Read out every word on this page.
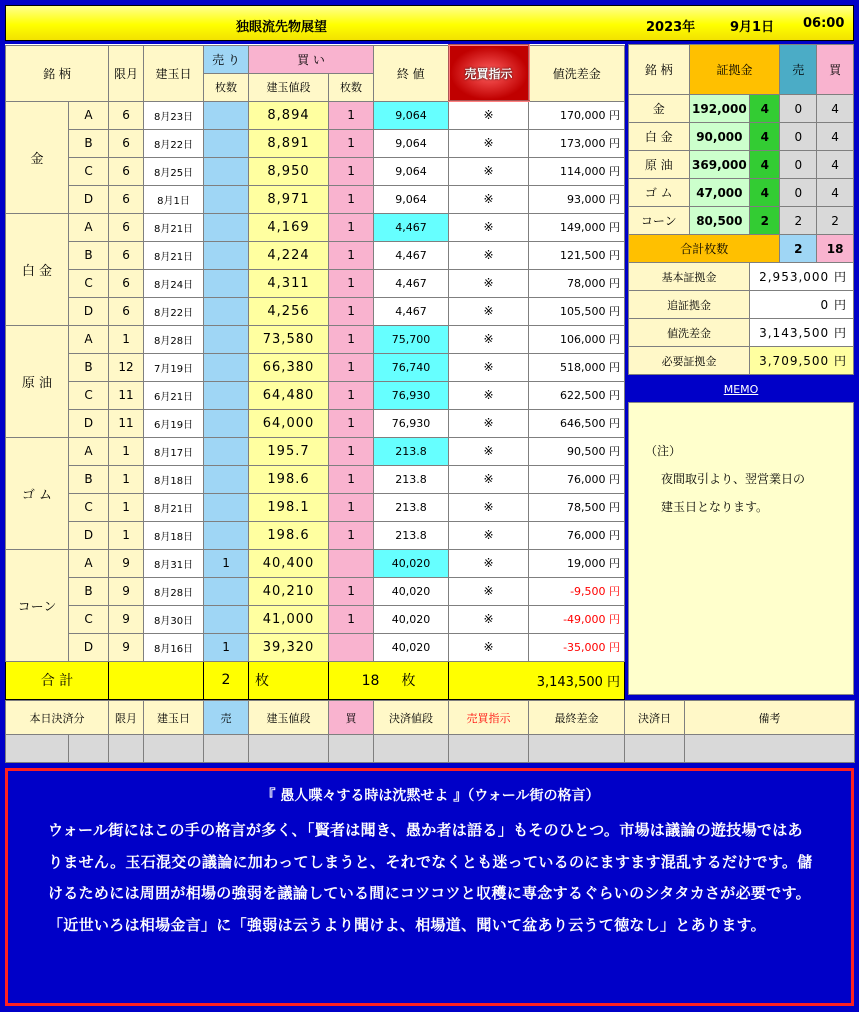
独眼流先物展望	2023年	9月1日 06:00
銘 柄		限月	建玉日	売 り	買 い		終 値	売買指示	値洗差金
				枚数	建玉値段	枚数			
金	A	6	8月23日		8,894	1	9,064	※	170,000 円
	B	6	8月22日		8,891	1	9,064	※	173,000 円
	C	6	8月25日		8,950	1	9,064	※	114,000 円
	D	6	8月1日		8,971	1	9,064	※	93,000 円
白 金	A	6	8月21日		4,169	1	4,467	※	149,000 円
	B	6	8月21日		4,224	1	4,467	※	121,500 円
	C	6	8月24日		4,311	1	4,467	※	78,000 円
	D	6	8月22日		4,256	1	4,467	※	105,500 円
原 油	A	1	8月28日		73,580	1	75,700	※	106,000 円
	B	12	7月19日		66,380	1	76,740	※	518,000 円
	C	11	6月21日		64,480	1	76,930	※	622,500 円
	D	11	6月19日		64,000	1	76,930	※	646,500 円
ゴ ム	A	1	8月17日		195.7	1	213.8	※	90,500 円
	B	1	8月18日		198.6	1	213.8	※	76,000 円
	C	1	8月21日		198.1	1	213.8	※	78,500 円
	D	1	8月18日		198.6	1	213.8	※	76,000 円
コーン	A	9	8月31日	1	40,400		40,020	※	19,000 円
	B	9	8月28日		40,210	1	40,020	※	-9,500 円
	C	9	8月30日		41,000	1	40,020	※	-49,000 円
	D	9	8月16日	1	39,320		40,020	※	-35,000 円
合 計				2	枚	18 枚		3,143,500 円	
銘 柄	証拠金		売	買
金	192,000	4	0	4
白 金	90,000	4	0	4
原 油	369,000	4	0	4
ゴ ム	47,000	4	0	4
コーン	80,500	2	2	2
合計枚数			2	18
基本証拠金		2,953,000 円		
追証拠金		0 円		
値洗差金		3,143,500 円		
必要証拠金		3,709,500 円		
MEMO
（注）
夜間取引より、翌営業日の
建玉日となります。
本日決済分		限月	建玉日	売	建玉値段	買	決済値段	売買指示	最終差金	決済日	備考

『 愚人喋々する時は沈黙せよ 』（ウォール街の格言）
ウォール街にはこの手の格言が多く、「賢者は聞き、愚か者は語る」もそのひとつ。市場は議論の遊技場ではありません。玉石混交の議論に加わってしまうと、それでなくとも迷っているのにますます混乱するだけです。儲けるためには周囲が相場の強弱を議論している間にコツコツと収穫に専念するぐらいのシタタカさが必要です。「近世いろは相場金言」に「強弱は云うより聞けよ、相場道、聞いて盆あり云うて徳なし」とあります。
